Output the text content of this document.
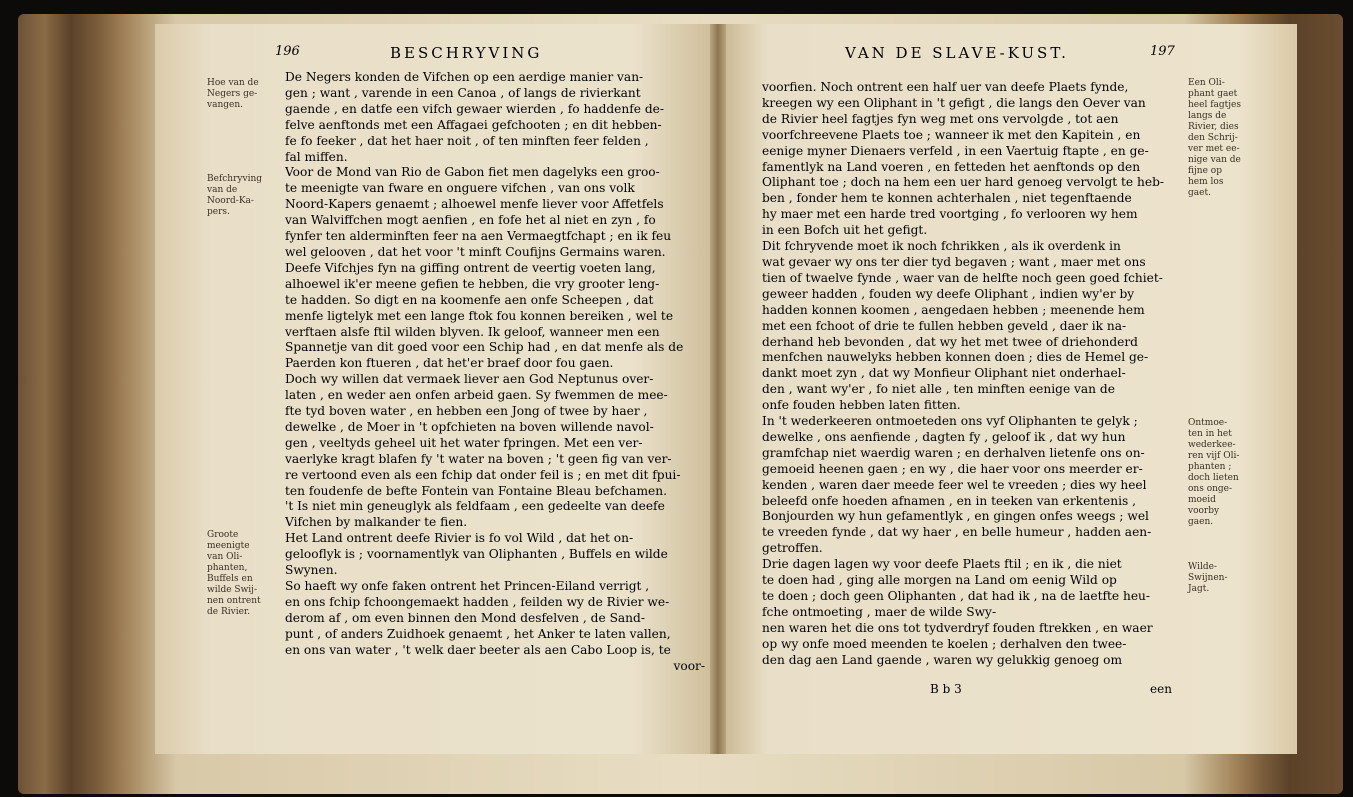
196	BESCHRYVING
Hoe van de
Negers ge-
vangen.
Befchryving
van de
Noord-Ka-
pers.
Groote
meenigte
van Oli-
phanten,
Buffels en
wilde Swij-
nen ontrent
de Rivier.
De Negers konden de Vifchen op een aerdige manier van-
gen ; want , varende in een Canoa , of langs de rivierkant
gaende , en datfe een vifch gewaer wierden , fo haddenfe de-
felve aenftonds met een Affagaei gefchooten ; en dit hebben-
fe fo feeker , dat het haer noit , of ten minften feer felden ,
fal miffen.
Voor de Mond van Rio de Gabon fiet men dagelyks een groo-
te meenigte van fware en onguere vifchen , van ons volk
Noord-Kapers genaemt ; alhoewel menfe liever voor Affetfels
van Walviffchen mogt aenfien , en fofe het al niet en zyn , fo
fynfer ten alderminften feer na aen Vermaegtfchapt ; en ik feu
wel gelooven , dat het voor 't minft Coufijns Germains waren.
Deefe Vifchjes fyn na giffing ontrent de veertig voeten lang,
alhoewel ik'er meene gefien te hebben, die vry grooter leng-
te hadden. So digt en na koomenfe aen onfe Scheepen , dat
menfe ligtelyk met een lange ftok fou konnen bereiken , wel te
verftaen alsfe ftil wilden blyven. Ik geloof, wanneer men een
Spannetje van dit goed voor een Schip had , en dat menfe als de
Paerden kon ftueren , dat het'er braef door fou gaen.
Doch wy willen dat vermaek liever aen God Neptunus over-
laten , en weder aen onfen arbeid gaen. Sy fwemmen de mee-
fte tyd boven water , en hebben een Jong of twee by haer ,
dewelke , de Moer in 't opfchieten na boven willende navol-
gen , veeltyds geheel uit het water fpringen. Met een ver-
vaerlyke kragt blafen fy 't water na boven ; 't geen fig van ver-
re vertoond even als een fchip dat onder feil is ; en met dit fpui-
ten foudenfe de befte Fontein van Fontaine Bleau befchamen.
't Is niet min geneuglyk als feldfaam , een gedeelte van deefe
Vifchen by malkander te fien.
Het Land ontrent deefe Rivier is fo vol Wild , dat het on-
gelooflyk is ; voornamentlyk van Oliphanten , Buffels en wilde
Swynen.
So haeft wy onfe faken ontrent het Princen-Eiland verrigt ,
en ons fchip fchoongemaekt hadden , feilden wy de Rivier we-
derom af , om even binnen den Mond desfelven , de Sand-
punt , of anders Zuidhoek genaemt , het Anker te laten vallen,
en ons van water , 't welk daer beeter als aen Cabo Loop is, te
voor-
VAN DE SLAVE-KUST.	197
voorfien. Noch ontrent een half uer van deefe Plaets fynde,
kreegen wy een Oliphant in 't gefigt , die langs den Oever van
de Rivier heel fagtjes fyn weg met ons vervolgde , tot aen
voorfchreevene Plaets toe ; wanneer ik met den Kapitein , en
eenige myner Dienaers verfeld , in een Vaertuig ftapte , en ge-
famentlyk na Land voeren , en fetteden het aenftonds op den
Oliphant toe ; doch na hem een uer hard genoeg vervolgt te heb-
ben , fonder hem te konnen achterhalen , niet tegenftaende
hy maer met een harde tred voortging , fo verlooren wy hem
in een Bofch uit het gefigt.
Dit fchryvende moet ik noch fchrikken , als ik overdenk in
wat gevaer wy ons ter dier tyd begaven ; want , maer met ons
tien of twaelve fynde , waer van de helfte noch geen goed fchiet-
geweer hadden , fouden wy deefe Oliphant , indien wy'er by
hadden konnen koomen , aengedaen hebben ; meenende hem
met een fchoot of drie te fullen hebben geveld , daer ik na-
derhand heb bevonden , dat wy het met twee of driehonderd
menfchen nauwelyks hebben konnen doen ; dies de Hemel ge-
dankt moet zyn , dat wy Monfieur Oliphant niet onderhael-
den , want wy'er , fo niet alle , ten minften eenige van de
onfe fouden hebben laten fitten.
In 't wederkeeren ontmoeteden ons vyf Oliphanten te gelyk ;
dewelke , ons aenfiende , dagten fy , geloof ik , dat wy hun
gramfchap niet waerdig waren ; en derhalven lietenfe ons on-
gemoeid heenen gaen ; en wy , die haer voor ons meerder er-
kenden , waren daer meede feer wel te vreeden ; dies wy heel
beleefd onfe hoeden afnamen , en in teeken van erkentenis ,
Bonjourden wy hun gefamentlyk , en gingen onfes weegs ; wel
te vreeden fynde , dat wy haer , en belle humeur , hadden aen-
getroffen.
Drie dagen lagen wy voor deefe Plaets ftil ; en ik , die niet
te doen had , ging alle morgen na Land om eenig Wild op
te doen ; doch geen Oliphanten , dat had ik , na de laetfte heu-
fche ontmoeting , maer de wilde Swy-
nen waren het die ons tot tydverdryf fouden ftrekken , en waer
op wy onfe moed meenden te koelen ; derhalven den twee-
den dag aen Land gaende , waren wy gelukkig genoeg om
B b 3	een
Een Oli-
phant gaet
heel fagtjes
langs de
Rivier, dies
den Schrij-
ver met ee-
nige van de
fijne op
hem los
gaet.
Ontmoe-
ten in het
wederkee-
ren vijf Oli-
phanten ;
doch lieten
ons onge-
moeid
voorby
gaen.
Wilde-
Swijnen-
Jagt.
